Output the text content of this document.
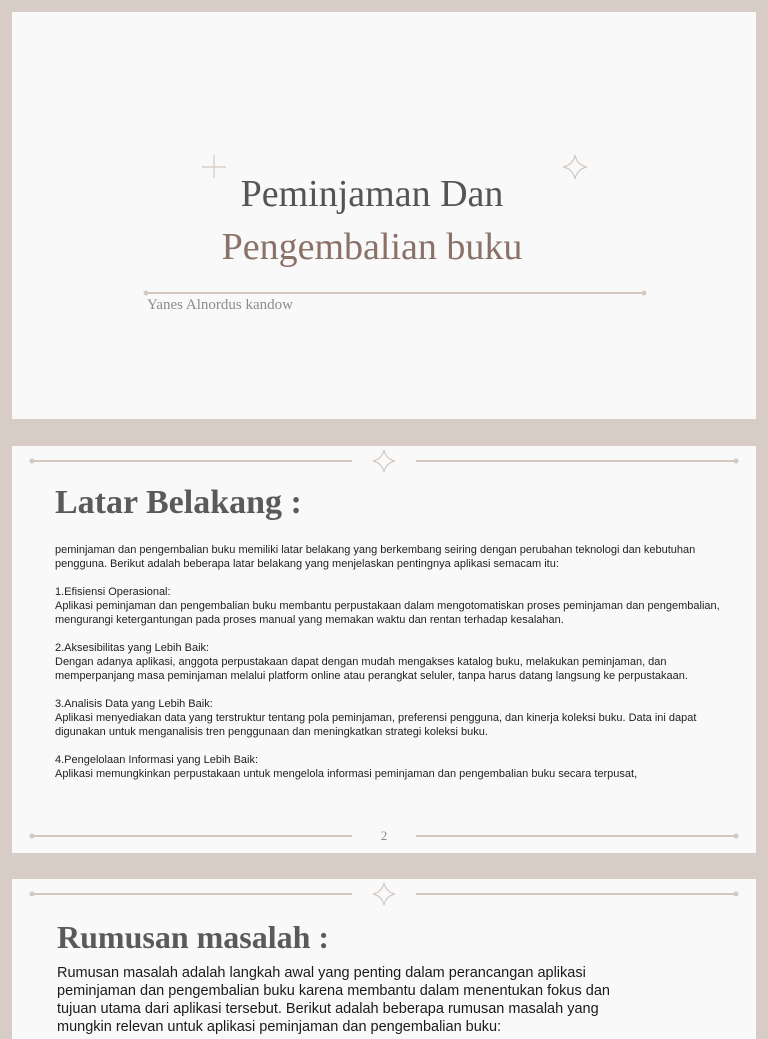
Peminjaman Dan
Pengembalian buku
Yanes Alnordus kandow
Latar Belakang :

peminjaman dan pengembalian buku memiliki latar belakang yang berkembang seiring dengan perubahan teknologi dan kebutuhan pengguna. Berikut adalah beberapa latar belakang yang menjelaskan pentingnya aplikasi semacam itu:

1.Efisiensi Operasional:
Aplikasi peminjaman dan pengembalian buku membantu perpustakaan dalam mengotomatiskan proses peminjaman dan pengembalian, mengurangi ketergantungan pada proses manual yang memakan waktu dan rentan terhadap kesalahan.

2.Aksesibilitas yang Lebih Baik:
Dengan adanya aplikasi, anggota perpustakaan dapat dengan mudah mengakses katalog buku, melakukan peminjaman, dan memperpanjang masa peminjaman melalui platform online atau perangkat seluler, tanpa harus datang langsung ke perpustakaan.

3.Analisis Data yang Lebih Baik:
Aplikasi menyediakan data yang terstruktur tentang pola peminjaman, preferensi pengguna, dan kinerja koleksi buku. Data ini dapat digunakan untuk menganalisis tren penggunaan dan meningkatkan strategi koleksi buku.

4.Pengelolaan Informasi yang Lebih Baik:
Aplikasi memungkinkan perpustakaan untuk mengelola informasi peminjaman dan pengembalian buku secara terpusat,

2
Rumusan masalah :
Rumusan masalah adalah langkah awal yang penting dalam perancangan aplikasi peminjaman dan pengembalian buku karena membantu dalam menentukan fokus dan tujuan utama dari aplikasi tersebut. Berikut adalah beberapa rumusan masalah yang mungkin relevan untuk aplikasi peminjaman dan pengembalian buku:
